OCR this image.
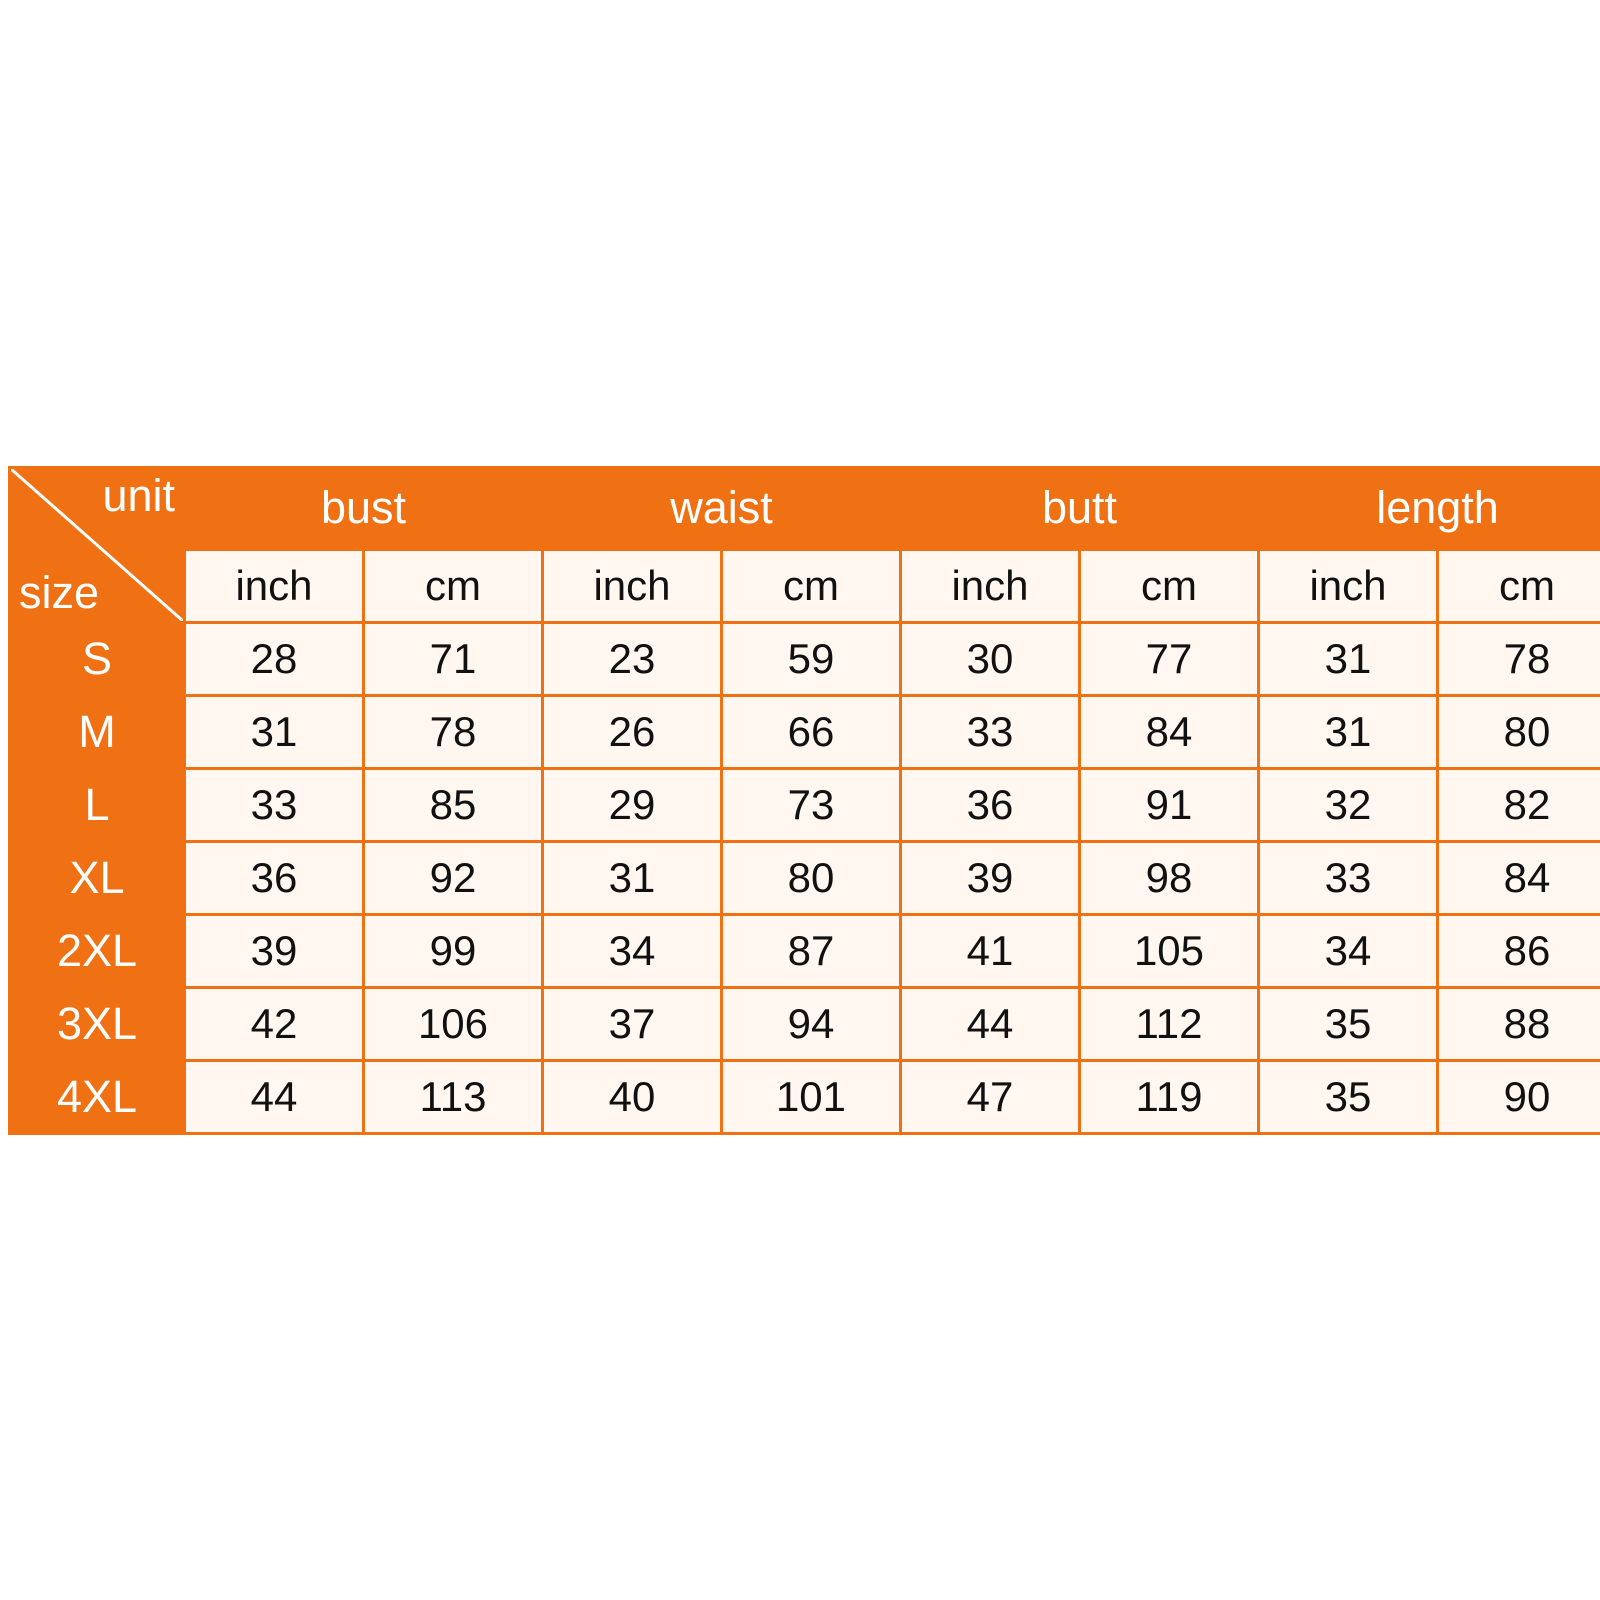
unit
size	bust		waist		butt		length	
	inch	cm	inch	cm	inch	cm	inch	cm
S	28	71	23	59	30	77	31	78
M	31	78	26	66	33	84	31	80
L	33	85	29	73	36	91	32	82
XL	36	92	31	80	39	98	33	84
2XL	39	99	34	87	41	105	34	86
3XL	42	106	37	94	44	112	35	88
4XL	44	113	40	101	47	119	35	90
